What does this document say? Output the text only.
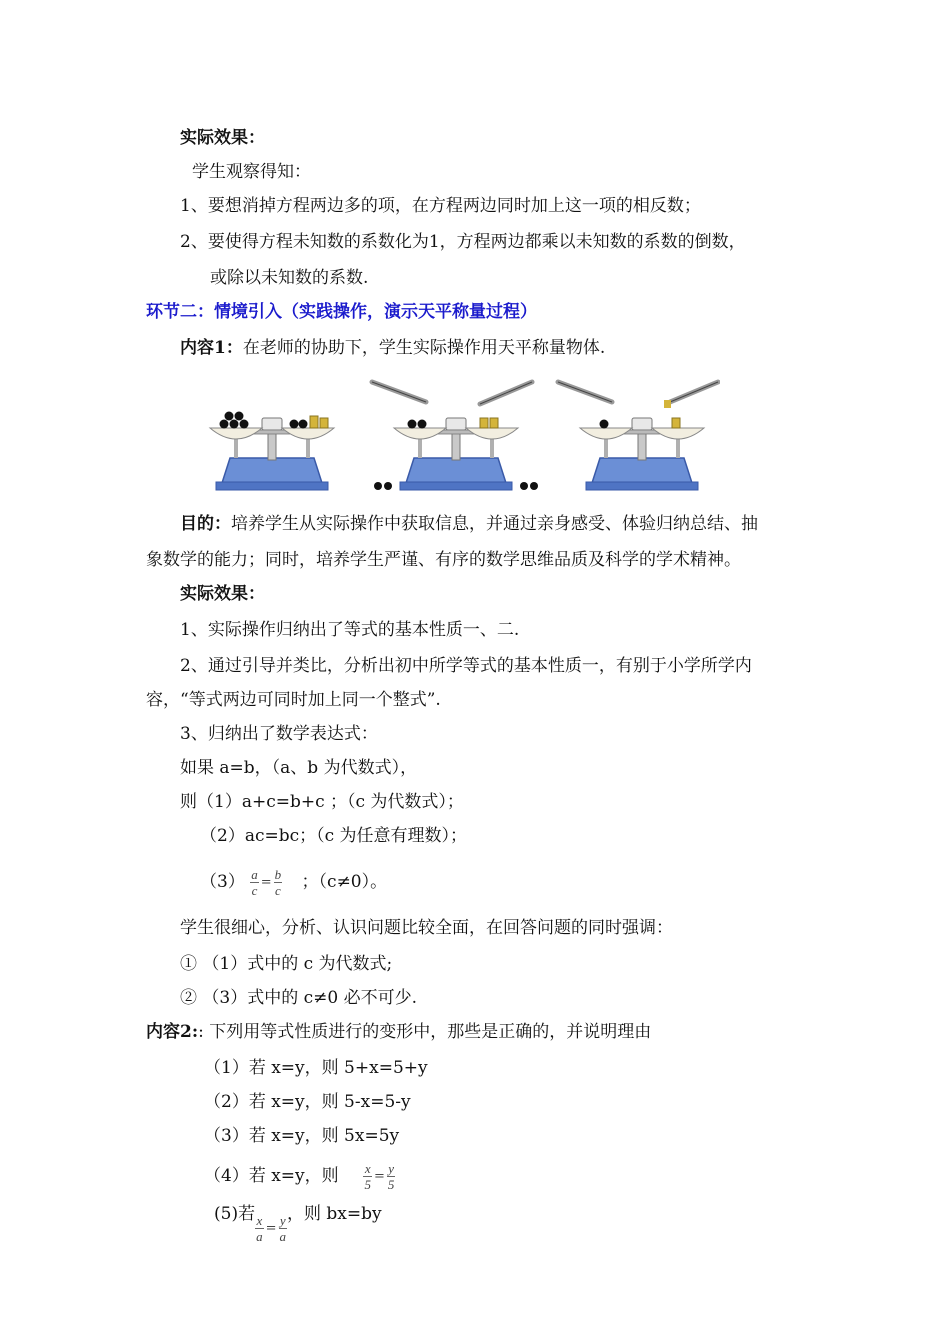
实际效果：
学生观察得知：
1、要想消掉方程两边多的项，在方程两边同时加上这一项的相反数；
2、要使得方程未知数的系数化为1，方程两边都乘以未知数的系数的倒数，
或除以未知数的系数.
环节二：情境引入（实践操作，演示天平称量过程）
内容1：在老师的协助下，学生实际操作用天平称量物体.
目的：培养学生从实际操作中获取信息，并通过亲身感受、体验归纳总结、抽
象数学的能力；同时，培养学生严谨、有序的数学思维品质及科学的学术精神。
实际效果：
1、实际操作归纳出了等式的基本性质一、二.
2、通过引导并类比，分析出初中所学等式的基本性质一，有别于小学所学内
容，“等式两边可同时加上同一个整式”.
3、归纳出了数学表达式：
如果 a=b，（a、b 为代数式），
则（1）a+c=b+c ；（c 为代数式）；
（2）ac=bc；（c 为任意有理数）；
$(3) \frac{a}{c} = \frac{b}{c}$ ；（c≠0）。
学生很细心，分析、认识问题比较全面，在回答问题的同时强调：
① （1）式中的 c 为代数式;
② （3）式中的 c≠0 必不可少.
内容2:: 下列用等式性质进行的变形中，那些是正确的，并说明理由
（1）若 x=y，则 5+x=5+y
（2）若 x=y，则 5-x=5-y
（3）若 x=y，则 5x=5y
（4）若 x=y，则 $\frac{x}{5} = \frac{y}{5}$
(5)若 $\frac{x}{a} = \frac{y}{a}$ ，则 bx=by
